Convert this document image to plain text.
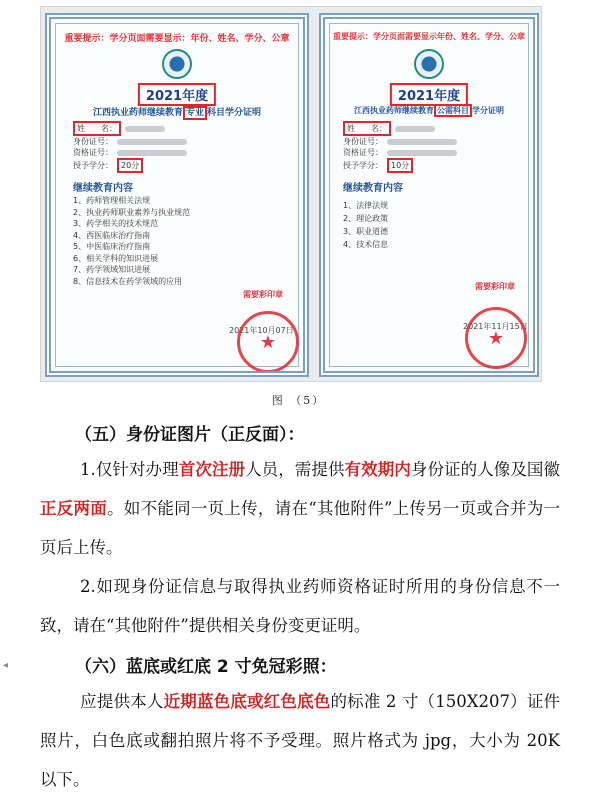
重要提示：学分页面需要显示：年份、姓名、学分、公章
2021年度
江西执业药师继续教育 专业 科目学分证明
姓　　名：
身份证号：
资格证号：
授予学分：	20分
继续教育内容
1、药师管理相关法规
2、执业药师职业素养与执业规范
3、药学相关的技术规范
4、西医临床治疗指南
5、中医临床治疗指南
6、相关学科的知识进展
7、药学领域知识进展
8、信息技术在药学领域的应用
需要彩印章
2021年10月07日
★
重要提示：学分页面需要显示年份、姓名、学分、公章
2021年度
江西执业药师继续教育 公需科目 学分证明
姓　　名：
身份证号：
资格证号：
授予学分：	10分
继续教育内容
1、法律法规
2、理论政策
3、职业道德
4、技术信息
需要彩印章
2021年11月15日
★
图 （5）
（五）身份证图片（正反面）：
1.仅针对办理首次注册人员，需提供有效期内身份证的人像及国徽正反两面。如不能同一页上传，请在“其他附件”上传另一页或合并为一页后上传。
2.如现身份证信息与取得执业药师资格证时所用的身份信息不一致，请在“其他附件”提供相关身份变更证明。
（六）蓝底或红底 2 寸免冠彩照：
应提供本人近期蓝色底或红色底色的标准 2 寸（150X207）证件照片，白色底或翻拍照片将不予受理。照片格式为 jpg，大小为 20K 以下。
◂
